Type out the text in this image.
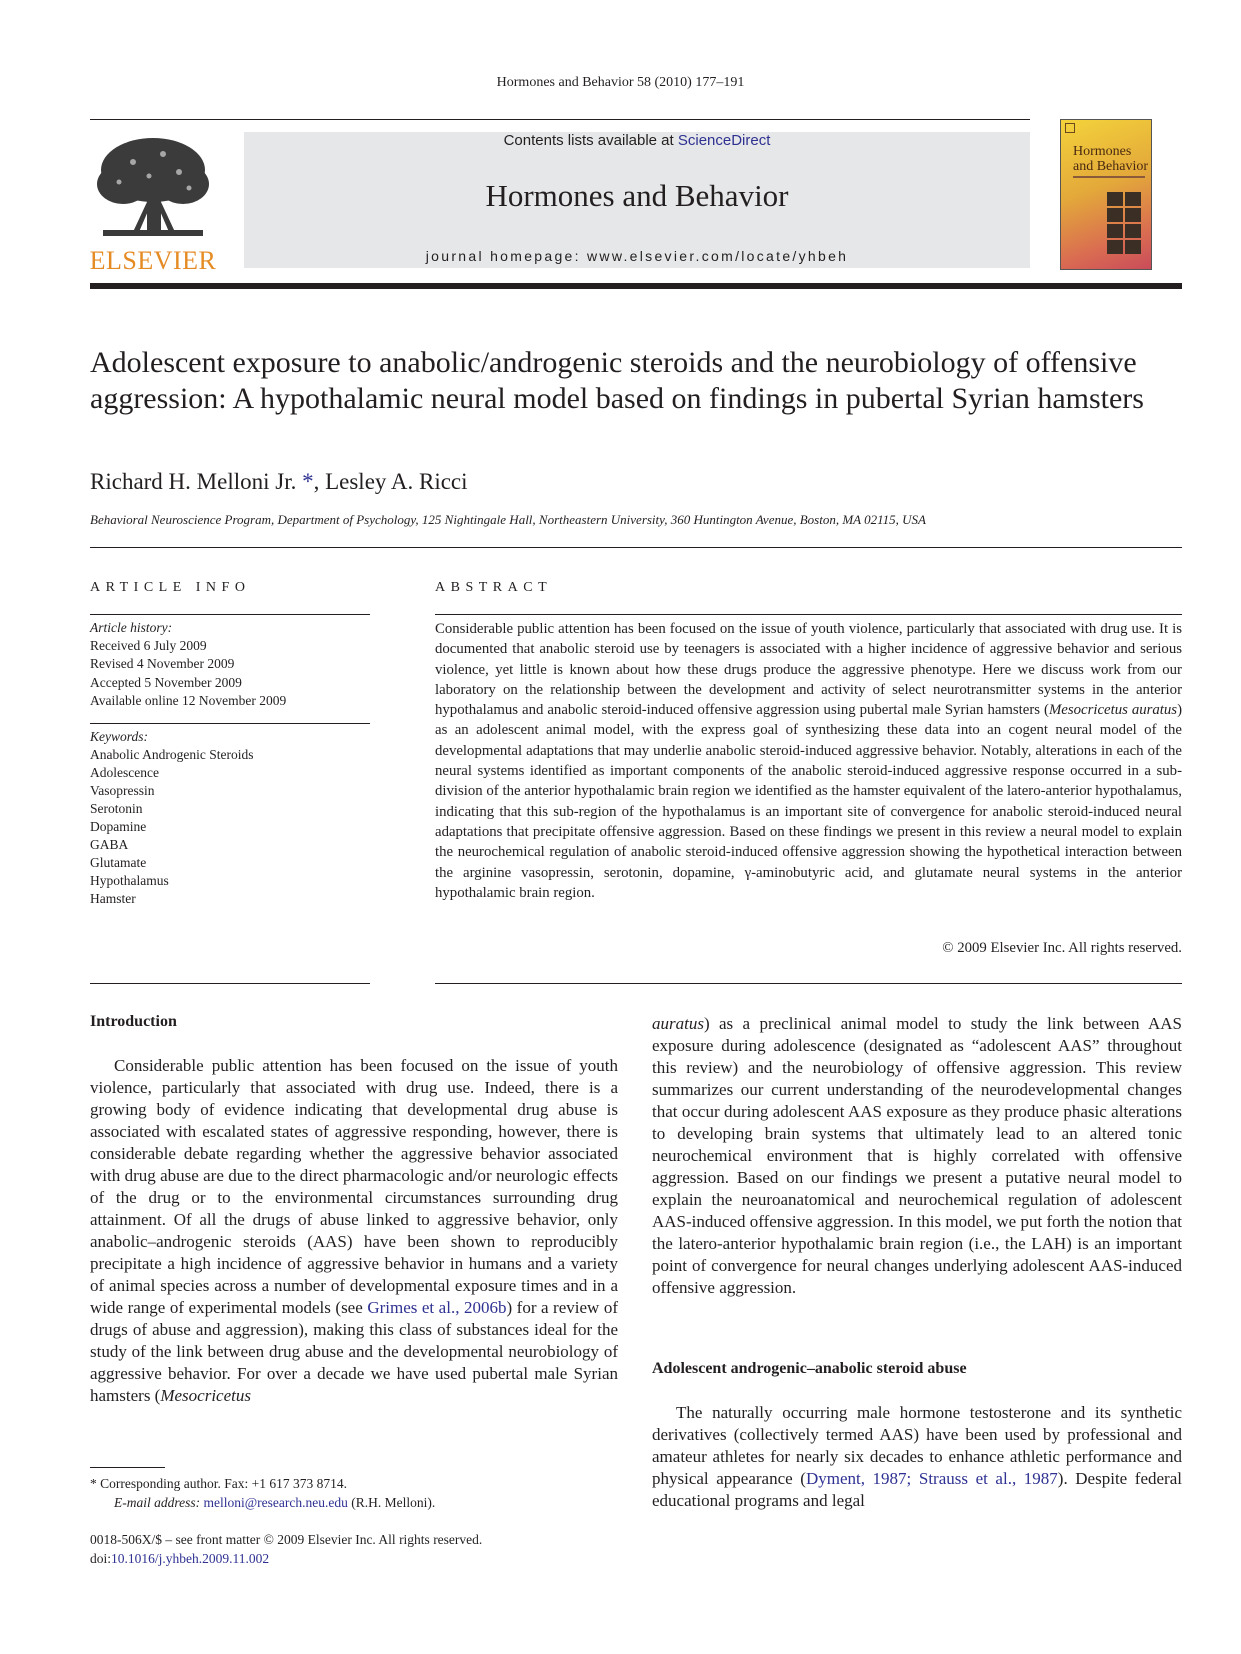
Hormones and Behavior 58 (2010) 177–191
ELSEVIER
Contents lists available at ScienceDirect
Hormones and Behavior
journal homepage: www.elsevier.com/locate/yhbeh
Hormones
and Behavior
Adolescent exposure to anabolic/androgenic steroids and the neurobiology of offensive aggression: A hypothalamic neural model based on findings in pubertal Syrian hamsters
Richard H. Melloni Jr. *, Lesley A. Ricci
Behavioral Neuroscience Program, Department of Psychology, 125 Nightingale Hall, Northeastern University, 360 Huntington Avenue, Boston, MA 02115, USA
ARTICLE INFO	ABSTRACT
Article history:
Received 6 July 2009
Revised 4 November 2009
Accepted 5 November 2009
Available online 12 November 2009
Keywords:
Anabolic Androgenic Steroids
Adolescence
Vasopressin
Serotonin
Dopamine
GABA
Glutamate
Hypothalamus
Hamster
Considerable public attention has been focused on the issue of youth violence, particularly that associated with drug use. It is documented that anabolic steroid use by teenagers is associated with a higher incidence of aggressive behavior and serious violence, yet little is known about how these drugs produce the aggressive phenotype. Here we discuss work from our laboratory on the relationship between the development and activity of select neurotransmitter systems in the anterior hypothalamus and anabolic steroid-induced offensive aggression using pubertal male Syrian hamsters (Mesocricetus auratus) as an adolescent animal model, with the express goal of synthesizing these data into an cogent neural model of the developmental adaptations that may underlie anabolic steroid-induced aggressive behavior. Notably, alterations in each of the neural systems identified as important components of the anabolic steroid-induced aggressive response occurred in a sub-division of the anterior hypothalamic brain region we identified as the hamster equivalent of the latero-anterior hypothalamus, indicating that this sub-region of the hypothalamus is an important site of convergence for anabolic steroid-induced neural adaptations that precipitate offensive aggression. Based on these findings we present in this review a neural model to explain the neurochemical regulation of anabolic steroid-induced offensive aggression showing the hypothetical interaction between the arginine vasopressin, serotonin, dopamine, γ-aminobutyric acid, and glutamate neural systems in the anterior hypothalamic brain region.
© 2009 Elsevier Inc. All rights reserved.
Introduction
Considerable public attention has been focused on the issue of youth violence, particularly that associated with drug use. Indeed, there is a growing body of evidence indicating that developmental drug abuse is associated with escalated states of aggressive responding, however, there is considerable debate regarding whether the aggressive behavior associated with drug abuse are due to the direct pharmacologic and/or neurologic effects of the drug or to the environmental circumstances surrounding drug attainment. Of all the drugs of abuse linked to aggressive behavior, only anabolic–androgenic steroids (AAS) have been shown to reproducibly precipitate a high incidence of aggressive behavior in humans and a variety of animal species across a number of developmental exposure times and in a wide range of experimental models (see Grimes et al., 2006b) for a review of drugs of abuse and aggression), making this class of substances ideal for the study of the link between drug abuse and the developmental neurobiology of aggressive behavior. For over a decade we have used pubertal male Syrian hamsters (Mesocricetus
auratus) as a preclinical animal model to study the link between AAS exposure during adolescence (designated as “adolescent AAS” throughout this review) and the neurobiology of offensive aggression. This review summarizes our current understanding of the neurodevelopmental changes that occur during adolescent AAS exposure as they produce phasic alterations to developing brain systems that ultimately lead to an altered tonic neurochemical environment that is highly correlated with offensive aggression. Based on our findings we present a putative neural model to explain the neuroanatomical and neurochemical regulation of adolescent AAS-induced offensive aggression. In this model, we put forth the notion that the latero-anterior hypothalamic brain region (i.e., the LAH) is an important point of convergence for neural changes underlying adolescent AAS-induced offensive aggression.
Adolescent androgenic–anabolic steroid abuse
The naturally occurring male hormone testosterone and its synthetic derivatives (collectively termed AAS) have been used by professional and amateur athletes for nearly six decades to enhance athletic performance and physical appearance (Dyment, 1987; Strauss et al., 1987). Despite federal educational programs and legal
* Corresponding author. Fax: +1 617 373 8714.
E-mail address: melloni@research.neu.edu (R.H. Melloni).
0018-506X/$ – see front matter © 2009 Elsevier Inc. All rights reserved.
doi:10.1016/j.yhbeh.2009.11.002
